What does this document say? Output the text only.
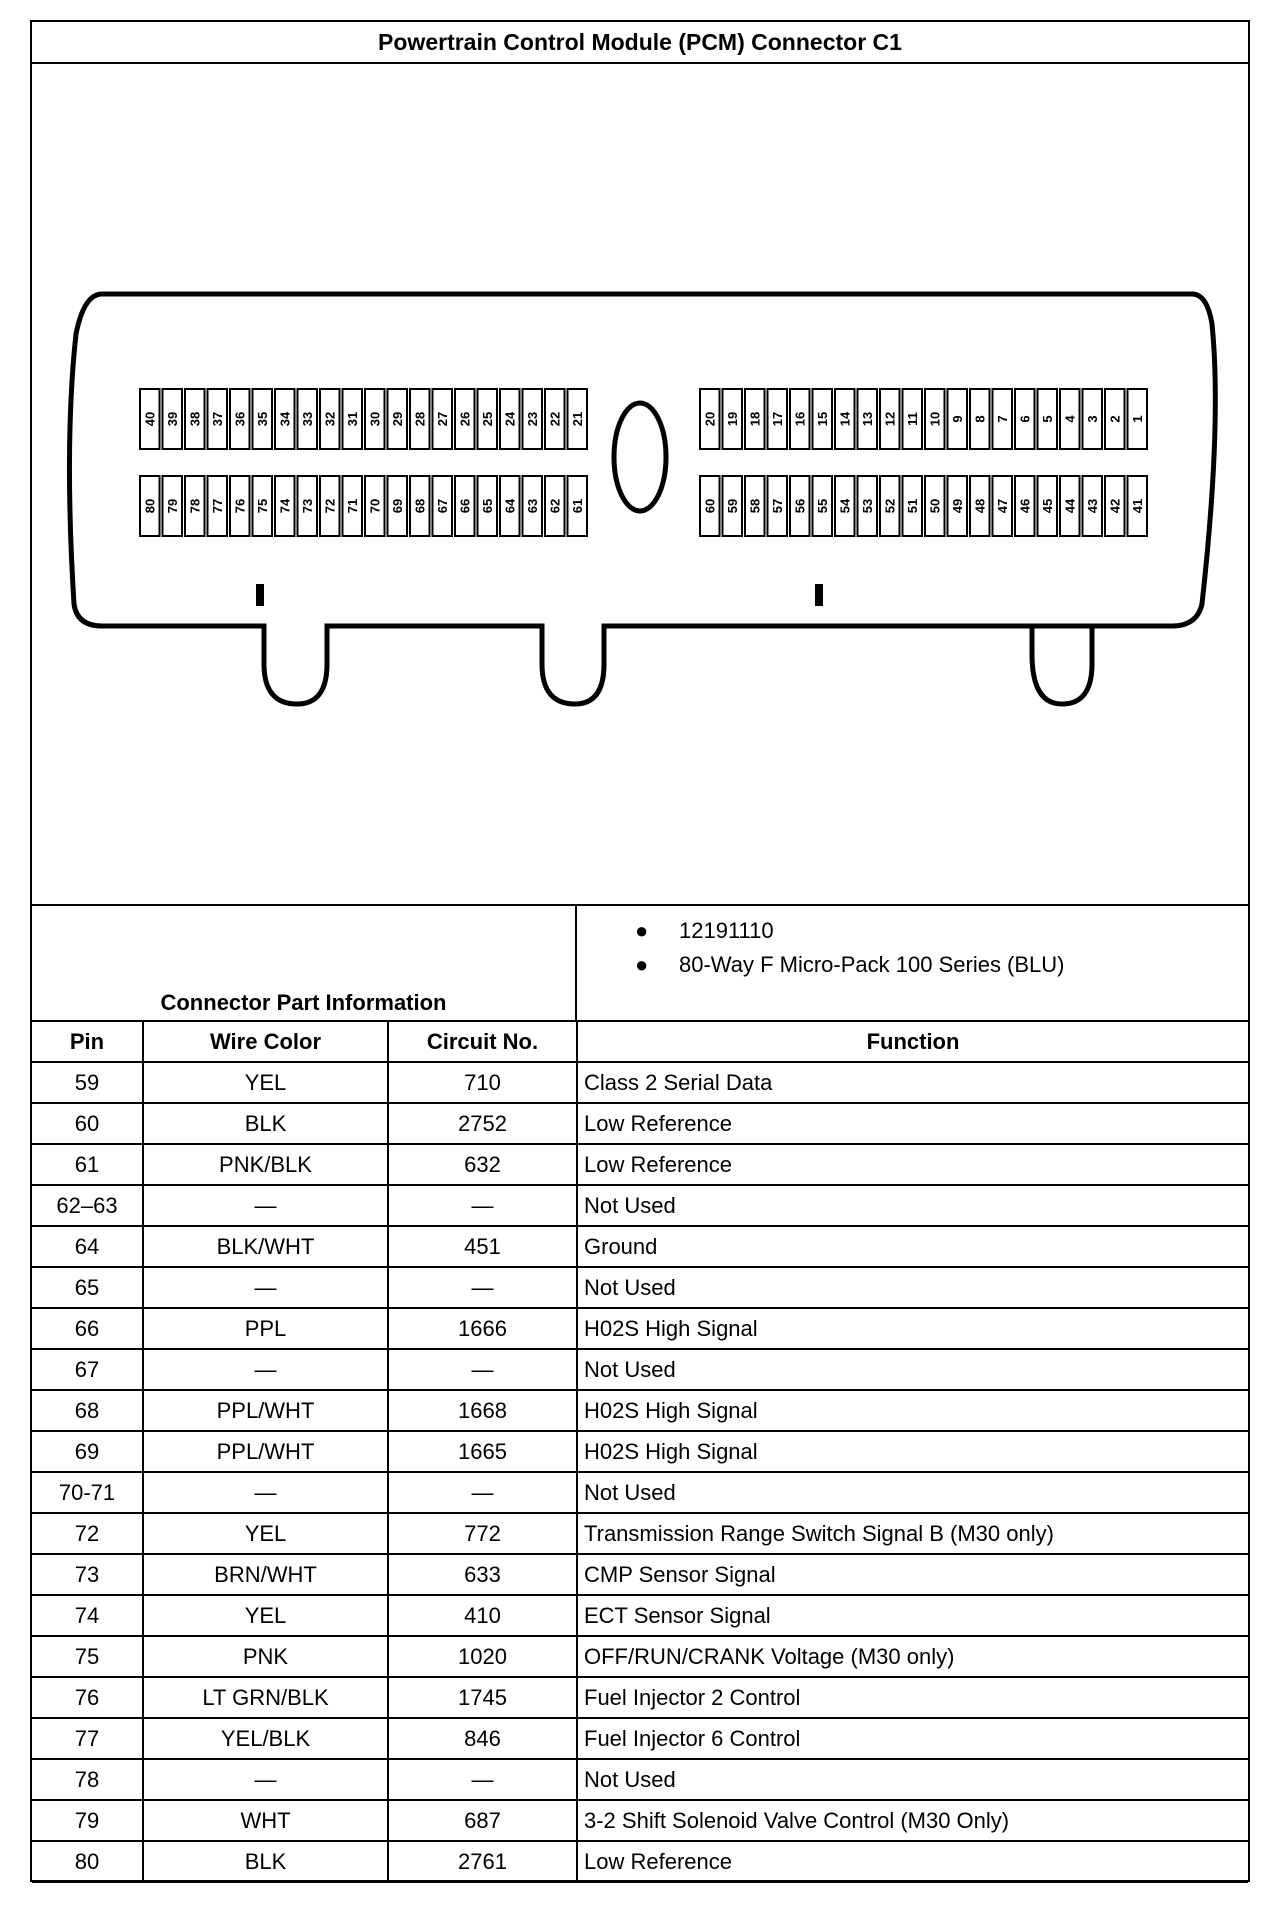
Powertrain Control Module (PCM) Connector C1
40 39 38 37 36 35 34 33 32 31 30 29 28 27 26 25 24 23 22 21
80 79 78 77 76 75 74 73 72 71 70 69 68 67 66 65 64 63 62 61
20 19 18 17 16 15 14 13 12 11 10 9 8 7 6 5 4 3 2 1
60 59 58 57 56 55 54 53 52 51 50 49 48 47 46 45 44 43 42 41
Connector Part Information
● 12191110
● 80-Way F Micro-Pack 100 Series (BLU)
Pin	Wire Color	Circuit No.	Function
59	YEL	710	Class 2 Serial Data
60	BLK	2752	Low Reference
61	PNK/BLK	632	Low Reference
62–63	—	—	Not Used
64	BLK/WHT	451	Ground
65	—	—	Not Used
66	PPL	1666	H02S High Signal
67	—	—	Not Used
68	PPL/WHT	1668	H02S High Signal
69	PPL/WHT	1665	H02S High Signal
70-71	—	—	Not Used
72	YEL	772	Transmission Range Switch Signal B (M30 only)
73	BRN/WHT	633	CMP Sensor Signal
74	YEL	410	ECT Sensor Signal
75	PNK	1020	OFF/RUN/CRANK Voltage (M30 only)
76	LT GRN/BLK	1745	Fuel Injector 2 Control
77	YEL/BLK	846	Fuel Injector 6 Control
78	—	—	Not Used
79	WHT	687	3-2 Shift Solenoid Valve Control (M30 Only)
80	BLK	2761	Low Reference
